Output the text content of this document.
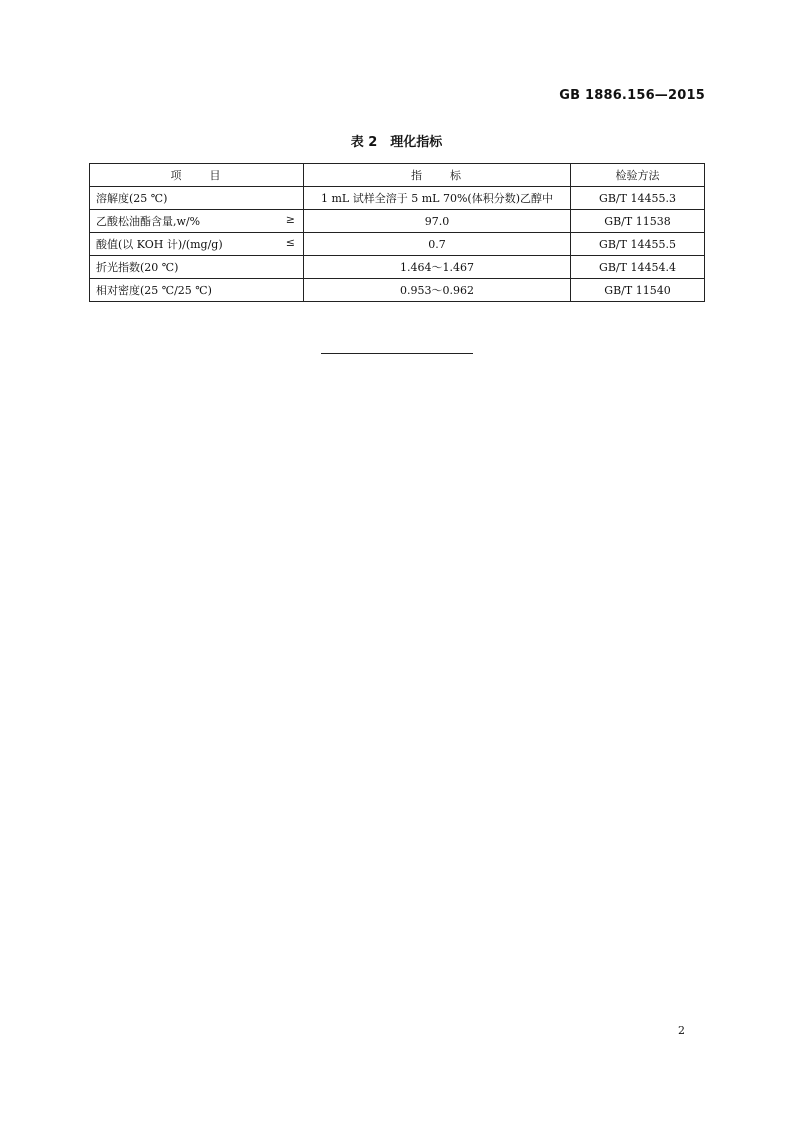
GB 1886.156—2015
表 2　理化指标
项　　目	指　　标	检验方法
溶解度(25 ℃)	1 mL 试样全溶于 5 mL 70%(体积分数)乙醇中	GB/T 14455.3
乙酸松油酯含量,w/% ≥	97.0	GB/T 11538
酸值(以 KOH 计)/(mg/g) ≤	0.7	GB/T 14455.5
折光指数(20 ℃)	1.464～1.467	GB/T 14454.4
相对密度(25 ℃/25 ℃)	0.953～0.962	GB/T 11540
2
